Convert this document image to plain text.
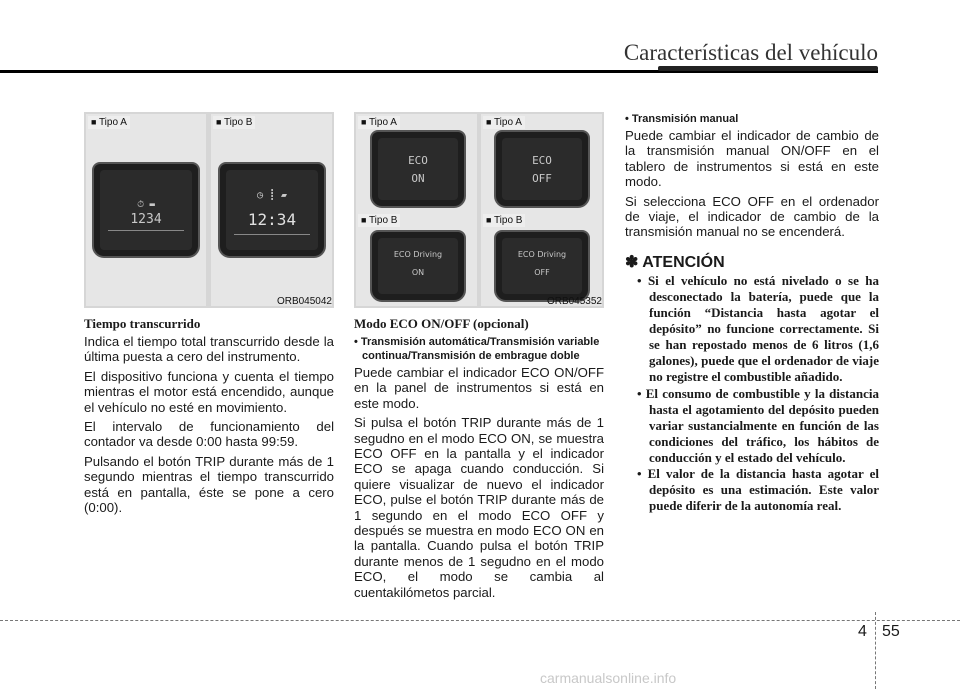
Características del vehículo
■ Tipo A	■ Tipo B
⏱ ▬
1234
◷ ┋ ▰
12:34
ORB045042
Tiempo transcurrido

Indica el tiempo total transcurrido desde la última puesta a cero del instrumento.

El dispositivo funciona y cuenta el tiempo mientras el motor está encendido, aunque el vehículo no esté en movimiento.

El intervalo de funcionamiento del contador va desde 0:00 hasta 99:59.

Pulsando el botón TRIP durante más de 1 segundo mientras el tiempo transcurrido está en pantalla, éste se pone a cero (0:00).

■ Tipo A	■ Tipo A
ECO
ON
ECO
OFF
■ Tipo B	■ Tipo B
ECO Driving
ON
ECO Driving
OFF
ORB045352
Modo ECO ON/OFF (opcional)
• Transmisión automática/Transmisión variable continua/Transmisión de embrague doble

Puede cambiar el indicador ECO ON/OFF en la panel de instrumentos si está en este modo.

Si pulsa el botón TRIP durante más de 1 segudno en el modo ECO ON, se muestra ECO OFF en la pantalla y el indicador ECO se apaga cuando conducción. Si quiere visualizar de nuevo el indicador ECO, pulse el botón TRIP durante más de 1 segundo en el modo ECO OFF y después se muestra en modo ECO ON en la pantalla. Cuando pulsa el botón TRIP durante menos de 1 segudno en el modo ECO, el modo se cambia al cuentakilómetos parcial.

• Transmisión manual

Puede cambiar el indicador de cambio de la transmisión manual ON/OFF en el tablero de instrumentos si está en este modo.

Si selecciona ECO OFF en el ordenador de viaje, el indicador de cambio de la transmisión manual no se encenderá.

✽ ATENCIÓN
• Si el vehículo no está nivelado o se ha desconectado la batería, puede que la función “Distancia hasta agotar el depósito” no funcione correctamente. Si se han repostado menos de 6 litros (1,6 galones), puede que el ordenador de viaje no registre el combustible añadido.
• El consumo de combustible y la distancia hasta el agotamiento del depósito pueden variar sustancialmente en función de las condiciones del tráfico, los hábitos de conducción y el estado del vehículo.
• El valor de la distancia hasta agotar el depósito es una estimación. Este valor puede diferir de la autonomía real.
4 55
carmanualsonline.info
